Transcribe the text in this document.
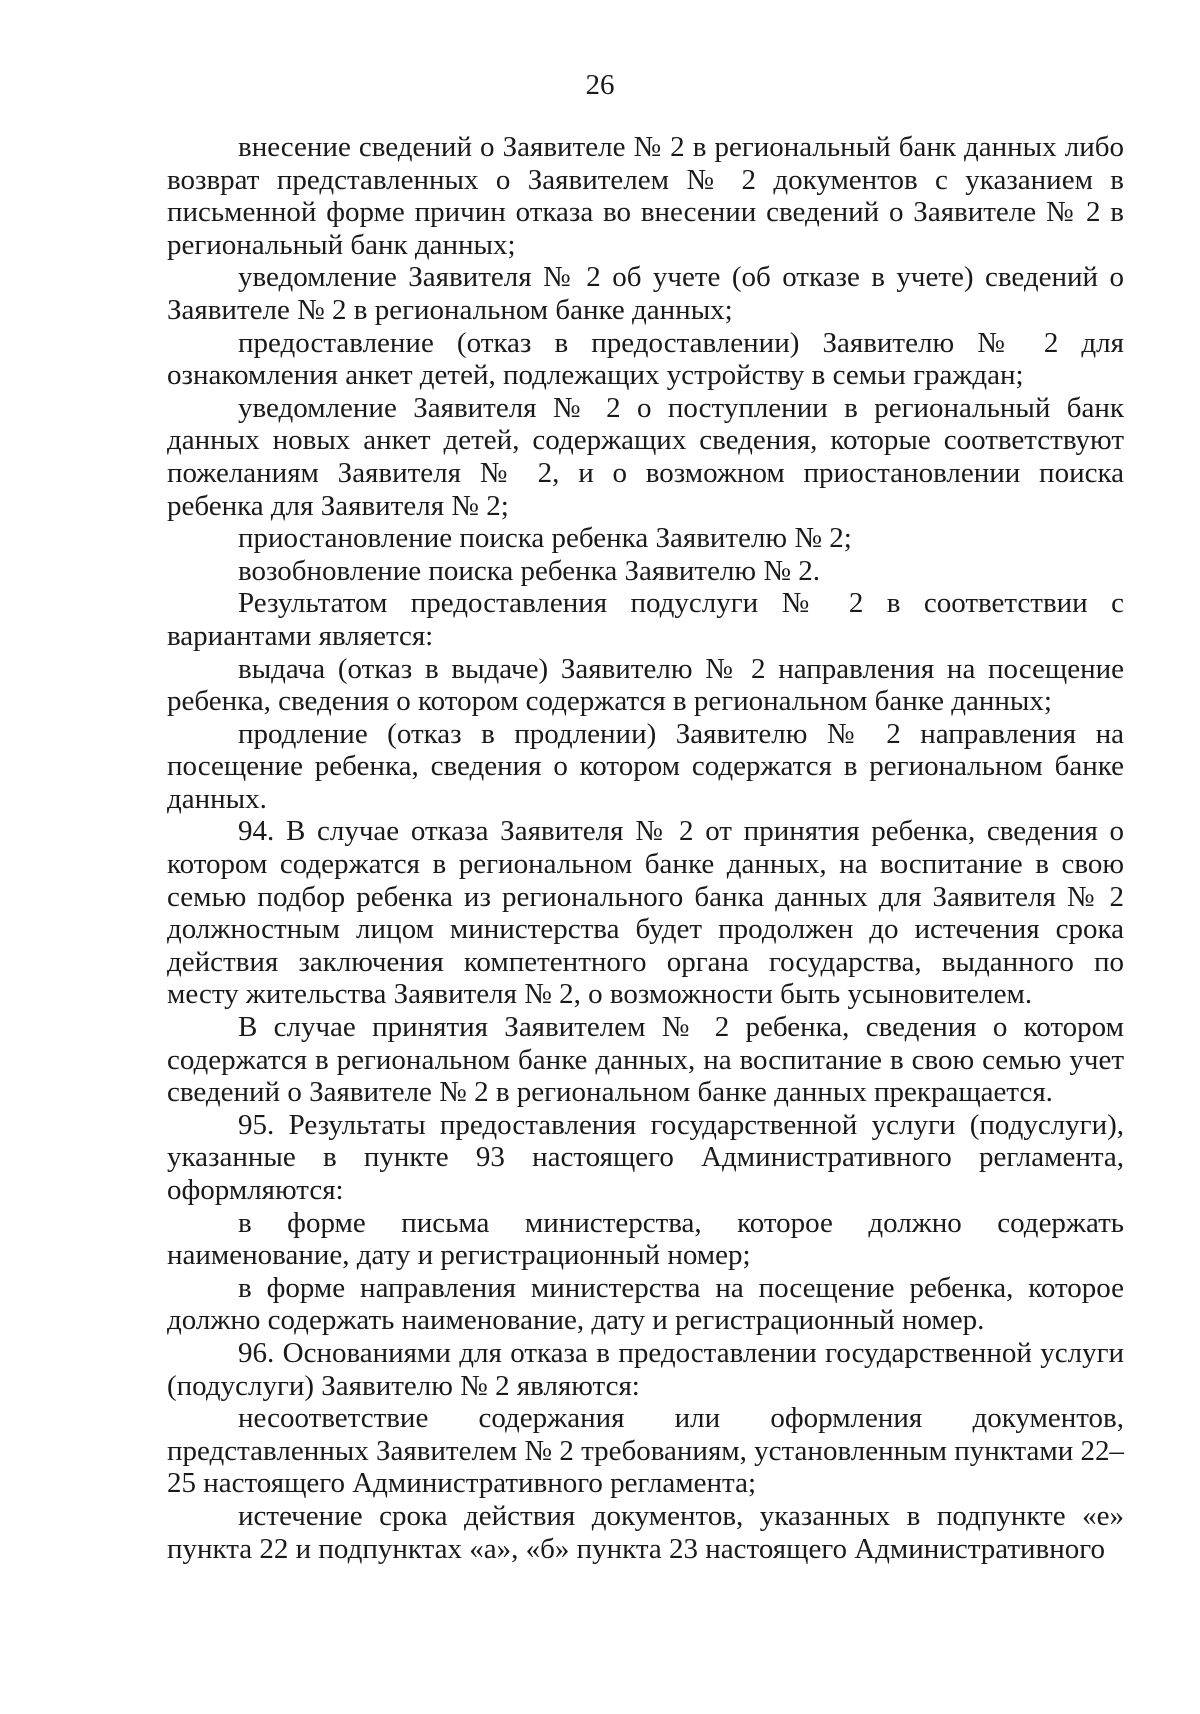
26

внесение сведений о Заявителе № 2 в региональный банк данных либо возврат представленных о Заявителем № 2 документов с указанием в письменной форме причин отказа во внесении сведений о Заявителе № 2 в региональный банк данных;

уведомление Заявителя № 2 об учете (об отказе в учете) сведений о Заявителе № 2 в региональном банке данных;

предоставление (отказ в предоставлении) Заявителю № 2 для ознакомления анкет детей, подлежащих устройству в семьи граждан;

уведомление Заявителя № 2 о поступлении в региональный банк данных новых анкет детей, содержащих сведения, которые соответствуют пожеланиям Заявителя № 2, и о возможном приостановлении поиска ребенка для Заявителя № 2;

приостановление поиска ребенка Заявителю № 2;

возобновление поиска ребенка Заявителю № 2.

Результатом предоставления подуслуги № 2 в соответствии с вариантами является:

выдача (отказ в выдаче) Заявителю № 2 направления на посещение ребенка, сведения о котором содержатся в региональном банке данных;

продление (отказ в продлении) Заявителю № 2 направления на посещение ребенка, сведения о котором содержатся в региональном банке данных.

94. В случае отказа Заявителя № 2 от принятия ребенка, сведения о котором содержатся в региональном банке данных, на воспитание в свою семью подбор ребенка из регионального банка данных для Заявителя № 2 должностным лицом министерства будет продолжен до истечения срока действия заключения компетентного органа государства, выданного по месту жительства Заявителя № 2, о возможности быть усыновителем.

В случае принятия Заявителем № 2 ребенка, сведения о котором содержатся в региональном банке данных, на воспитание в свою семью учет сведений о Заявителе № 2 в региональном банке данных прекращается.

95. Результаты предоставления государственной услуги (подуслуги), указанные в пункте 93 настоящего Административного регламента, оформляются:

в форме письма министерства, которое должно содержать наименование, дату и регистрационный номер;

в форме направления министерства на посещение ребенка, которое должно содержать наименование, дату и регистрационный номер.

96. Основаниями для отказа в предоставлении государственной услуги (подуслуги) Заявителю № 2 являются:

несоответствие содержания или оформления документов, представленных Заявителем № 2 требованиям, установленным пунктами 22–25 настоящего Административного регламента;

истечение срока действия документов, указанных в подпункте «е» пункта 22 и подпунктах «а», «б» пункта 23 настоящего Административного
